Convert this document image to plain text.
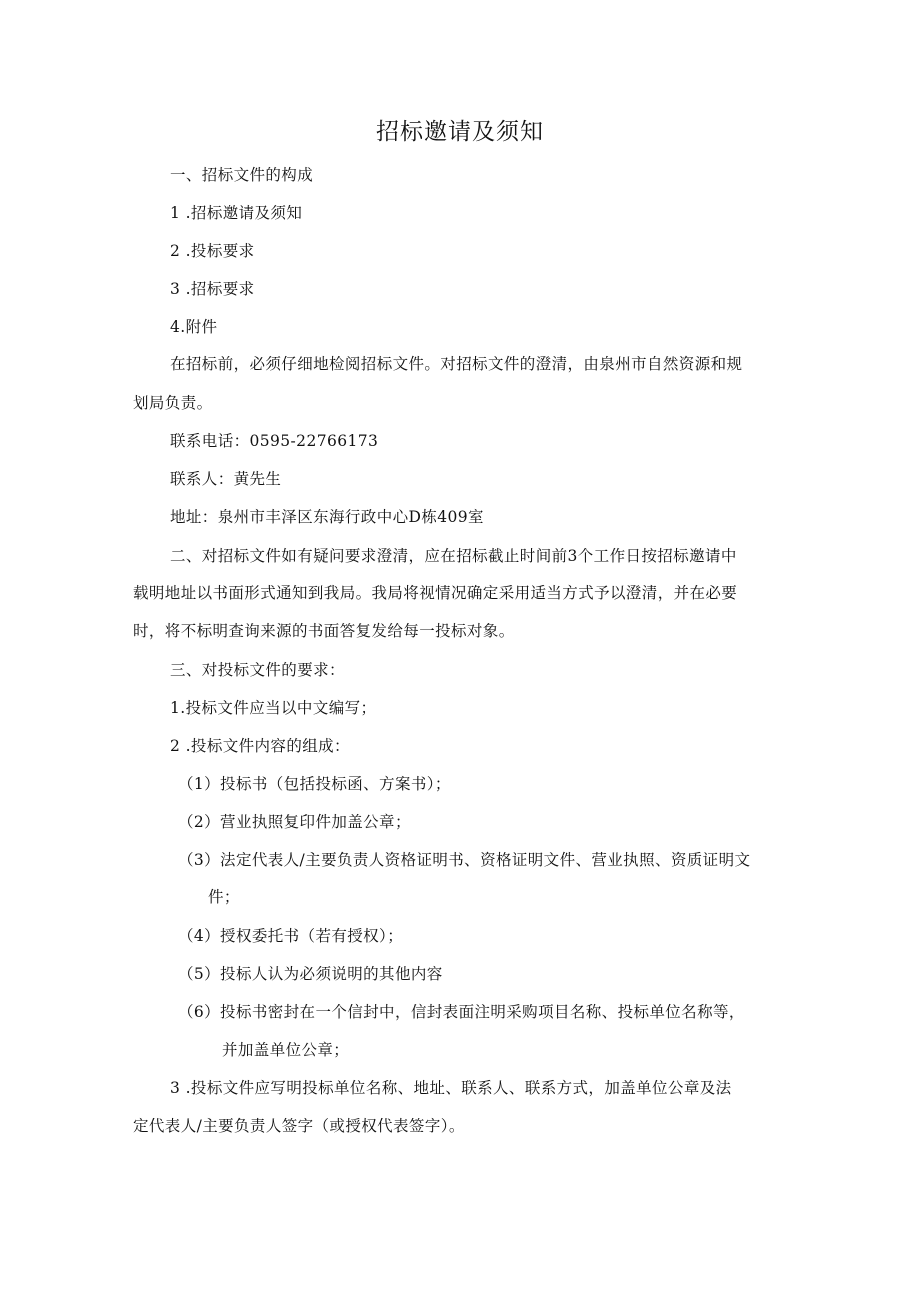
招标邀请及须知
一、招标文件的构成
1 .招标邀请及须知
2 .投标要求
3 .招标要求
4.附件
在招标前，必须仔细地检阅招标文件。对招标文件的澄清，由泉州市自然资源和规
划局负责。
联系电话：0595-22766173
联系人：黄先生
地址：泉州市丰泽区东海行政中心D栋409室
二、对招标文件如有疑问要求澄清，应在招标截止时间前3个工作日按招标邀请中
载明地址以书面形式通知到我局。我局将视情况确定采用适当方式予以澄清，并在必要
时，将不标明查询来源的书面答复发给每一投标对象。
三、对投标文件的要求：
1.投标文件应当以中文编写；
2 .投标文件内容的组成：
（1）投标书（包括投标函、方案书）；
（2）营业执照复印件加盖公章；
（3）法定代表人/主要负责人资格证明书、资格证明文件、营业执照、资质证明文
件；
（4）授权委托书（若有授权）；
（5）投标人认为必须说明的其他内容
（6）投标书密封在一个信封中，信封表面注明采购项目名称、投标单位名称等，
并加盖单位公章；
3 .投标文件应写明投标单位名称、地址、联系人、联系方式，加盖单位公章及法
定代表人/主要负责人签字（或授权代表签字）。
